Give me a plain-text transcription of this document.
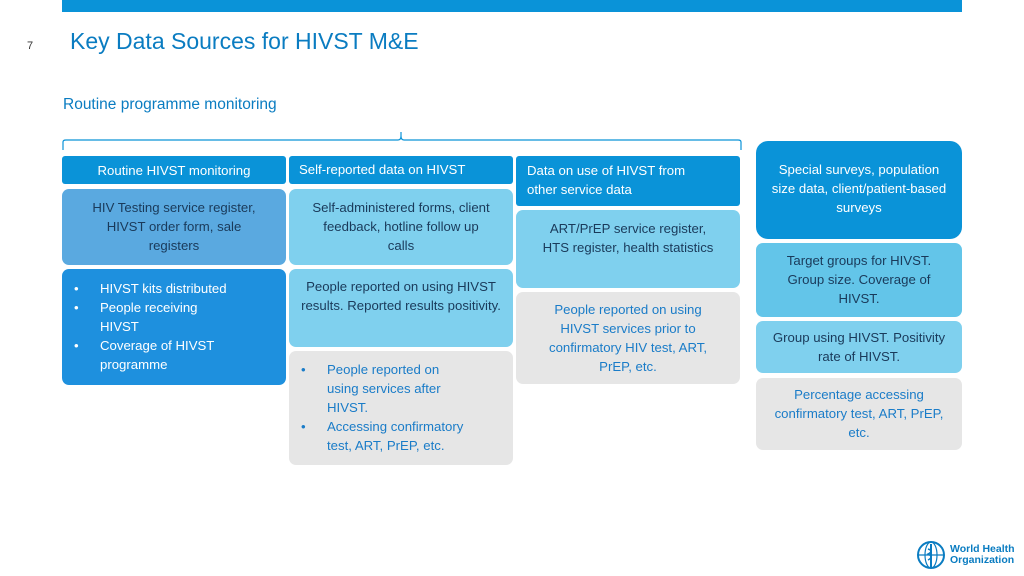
7 Key Data Sources for HIVST M&E
Routine programme monitoring
Routine HIVST monitoring
HIV Testing service register, HIVST order form, sale registers
• HIVST kits distributed
• People receiving HIVST
• Coverage of HIVST programme
Self-reported data on HIVST
Self-administered forms, client feedback, hotline follow up calls
People reported on using HIVST results. Reported results positivity.
• People reported on using services after HIVST.
• Accessing confirmatory test, ART, PrEP, etc.
Data on use of HIVST from other service data
ART/PrEP service register, HTS register, health statistics
People reported on using HIVST services prior to confirmatory HIV test, ART, PrEP, etc.
Special surveys, population size data, client/patient-based surveys
Target groups for HIVST. Group size. Coverage of HIVST.
Group using HIVST. Positivity rate of HIVST.
Percentage accessing confirmatory test, ART, PrEP, etc.
World Health
Organization
